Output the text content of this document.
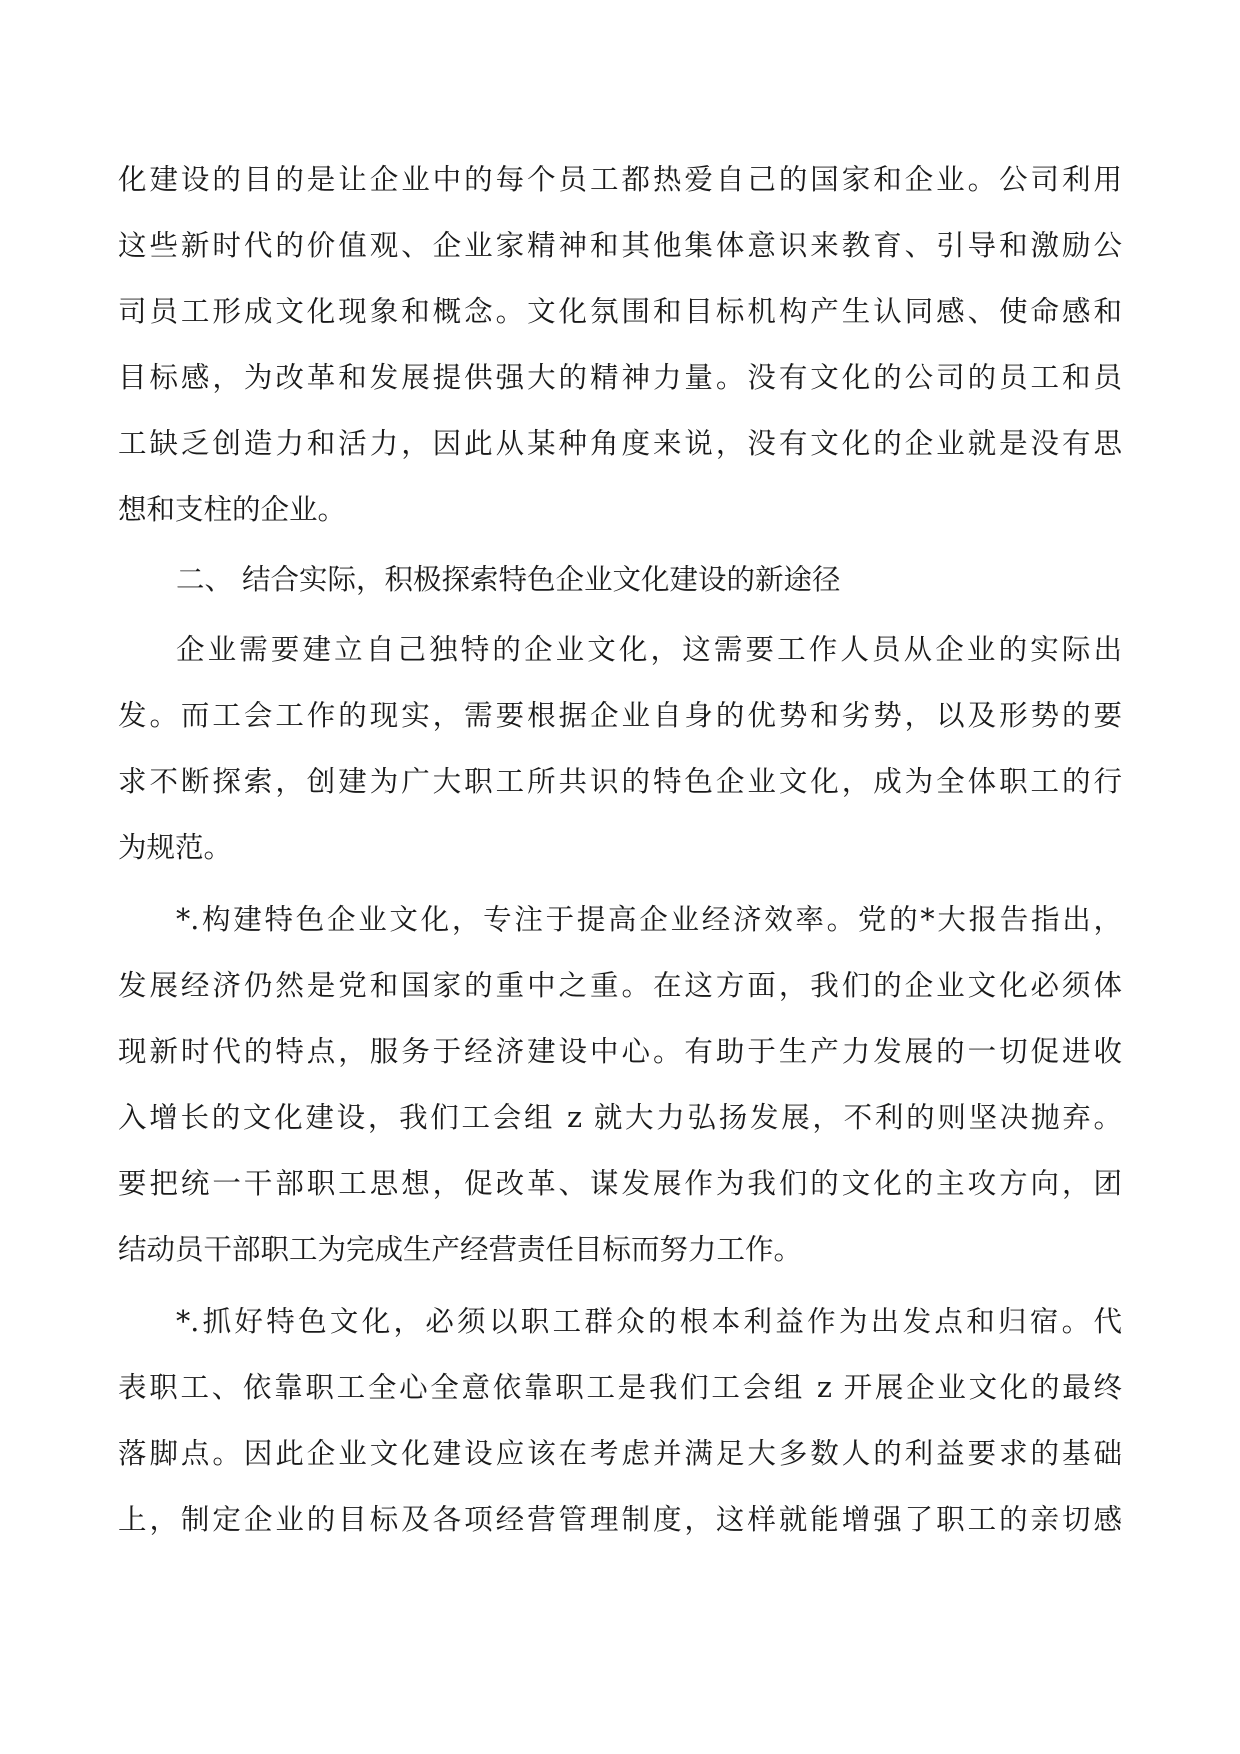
化建设的目的是让企业中的每个员工都热爱自己的国家和企业。公司利用
这些新时代的价值观、企业家精神和其他集体意识来教育、引导和激励公
司员工形成文化现象和概念。文化氛围和目标机构产生认同感、使命感和
目标感，为改革和发展提供强大的精神力量。没有文化的公司的员工和员
工缺乏创造力和活力，因此从某种角度来说，没有文化的企业就是没有思
想和支柱的企业。
二、 结合实际，积极探索特色企业文化建设的新途径
企业需要建立自己独特的企业文化，这需要工作人员从企业的实际出
发。而工会工作的现实，需要根据企业自身的优势和劣势，以及形势的要
求不断探索，创建为广大职工所共识的特色企业文化，成为全体职工的行
为规范。
*.构建特色企业文化，专注于提高企业经济效率。党的*大报告指出，
发展经济仍然是党和国家的重中之重。在这方面，我们的企业文化必须体
现新时代的特点，服务于经济建设中心。有助于生产力发展的一切促进收
入增长的文化建设，我们工会组 z 就大力弘扬发展，不利的则坚决抛弃。
要把统一干部职工思想，促改革、谋发展作为我们的文化的主攻方向，团
结动员干部职工为完成生产经营责任目标而努力工作。
*.抓好特色文化，必须以职工群众的根本利益作为出发点和归宿。代
表职工、依靠职工全心全意依靠职工是我们工会组 z 开展企业文化的最终
落脚点。因此企业文化建设应该在考虑并满足大多数人的利益要求的基础
上，制定企业的目标及各项经营管理制度，这样就能增强了职工的亲切感
